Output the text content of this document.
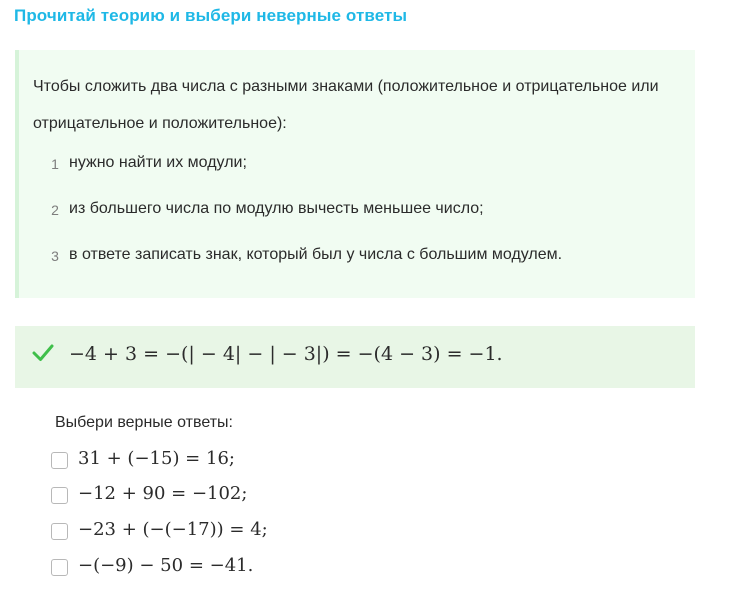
Прочитай теорию и выбери неверные ответы
Чтобы сложить два числа с разными знаками (положительное и отрицательное или отрицательное и положительное):
1 нужно найти их модули;
2 из большего числа по модулю вычесть меньшее число;
3 в ответе записать знак, который был у числа с большим модулем.
−4 + 3 = −(| − 4| − | − 3|) = −(4 − 3) = −1.
Выбери верные ответы:
31 + (−15) = 16;
−12 + 90 = −102;
−23 + (−(−17)) = 4;
−(−9) − 50 = −41.
